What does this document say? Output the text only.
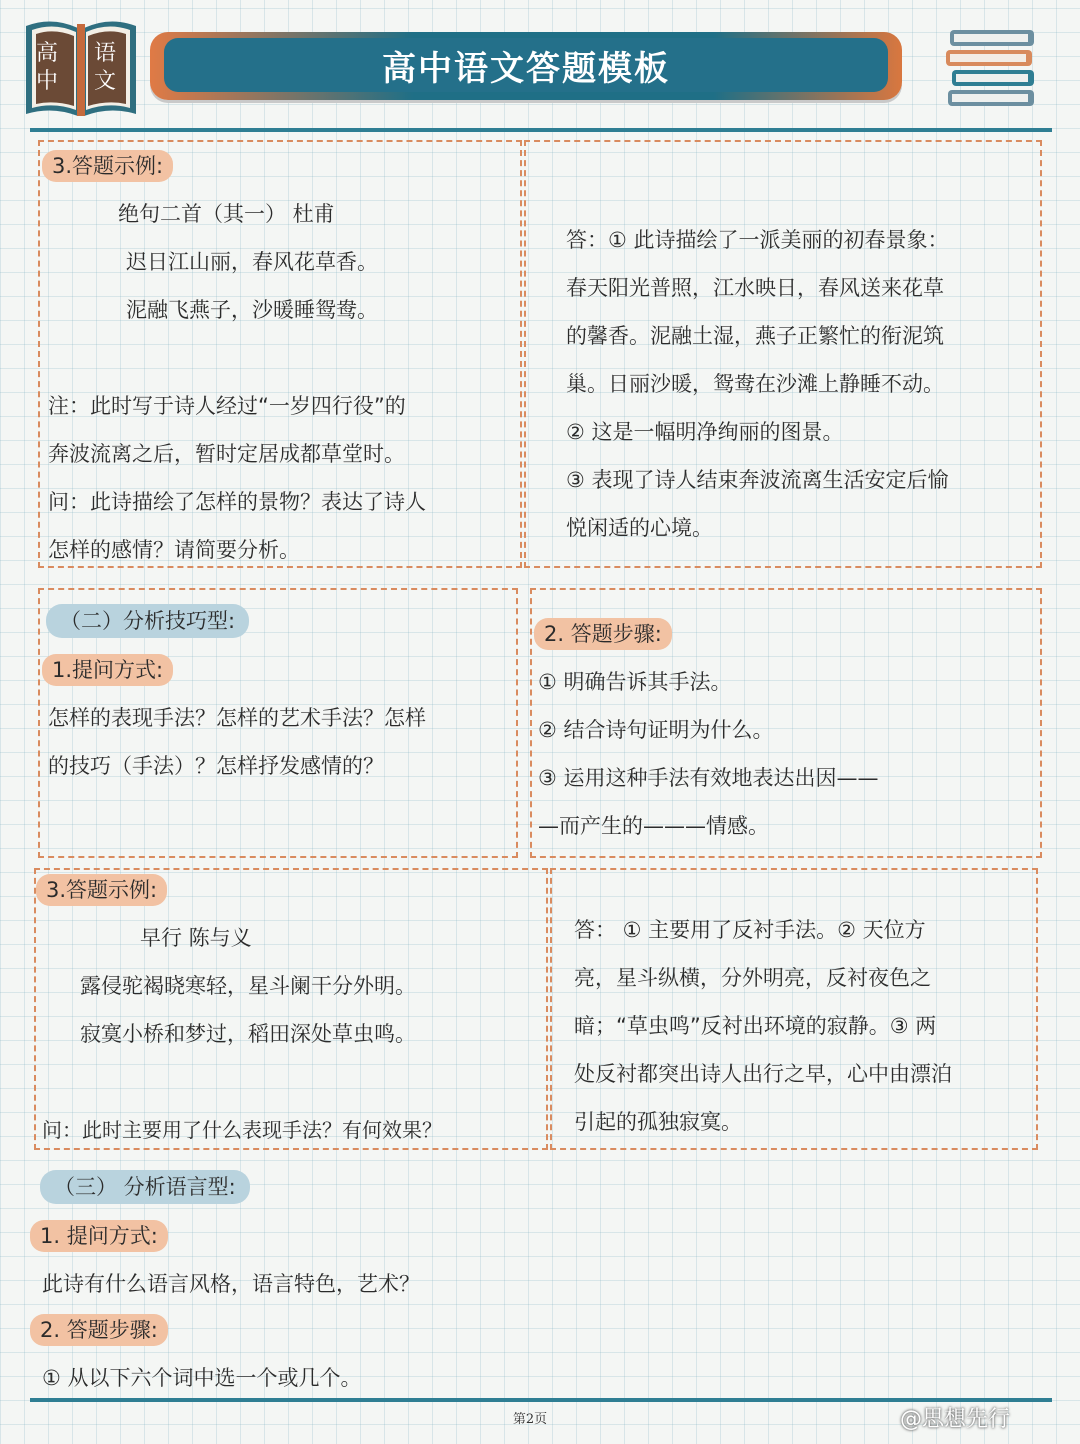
高
中
语
文	高中语文答题模板
3.答题示例:
绝句二首（其一） 杜甫
迟日江山丽，春风花草香。
泥融飞燕子，沙暖睡鸳鸯。
注：此时写于诗人经过“一岁四行役”的
奔波流离之后，暂时定居成都草堂时。
问：此诗描绘了怎样的景物？表达了诗人
怎样的感情？请简要分析。
答：① 此诗描绘了一派美丽的初春景象：
春天阳光普照，江水映日，春风送来花草
的馨香。泥融土湿，燕子正繁忙的衔泥筑
巢。日丽沙暖，鸳鸯在沙滩上静睡不动。
② 这是一幅明净绚丽的图景。
③ 表现了诗人结束奔波流离生活安定后愉
悦闲适的心境。
（二）分析技巧型:
1.提问方式:
怎样的表现手法？怎样的艺术手法？怎样
的技巧（手法）？怎样抒发感情的？
2. 答题步骤:
① 明确告诉其手法。
② 结合诗句证明为什么。
③ 运用这种手法有效地表达出因——
—而产生的———情感。
3.答题示例:
早行 陈与义
露侵驼褐晓寒轻，星斗阑干分外明。
寂寞小桥和梦过，稻田深处草虫鸣。
问：此时主要用了什么表现手法？有何效果？
答： ① 主要用了反衬手法。② 天位方
亮，星斗纵横，分外明亮，反衬夜色之
暗；“草虫鸣”反衬出环境的寂静。③ 两
处反衬都突出诗人出行之早，心中由漂泊
引起的孤独寂寞。
（三） 分析语言型:
1. 提问方式:
此诗有什么语言风格，语言特色，艺术？
2. 答题步骤:
① 从以下六个词中选一个或几个。
第2页	@思想先行
